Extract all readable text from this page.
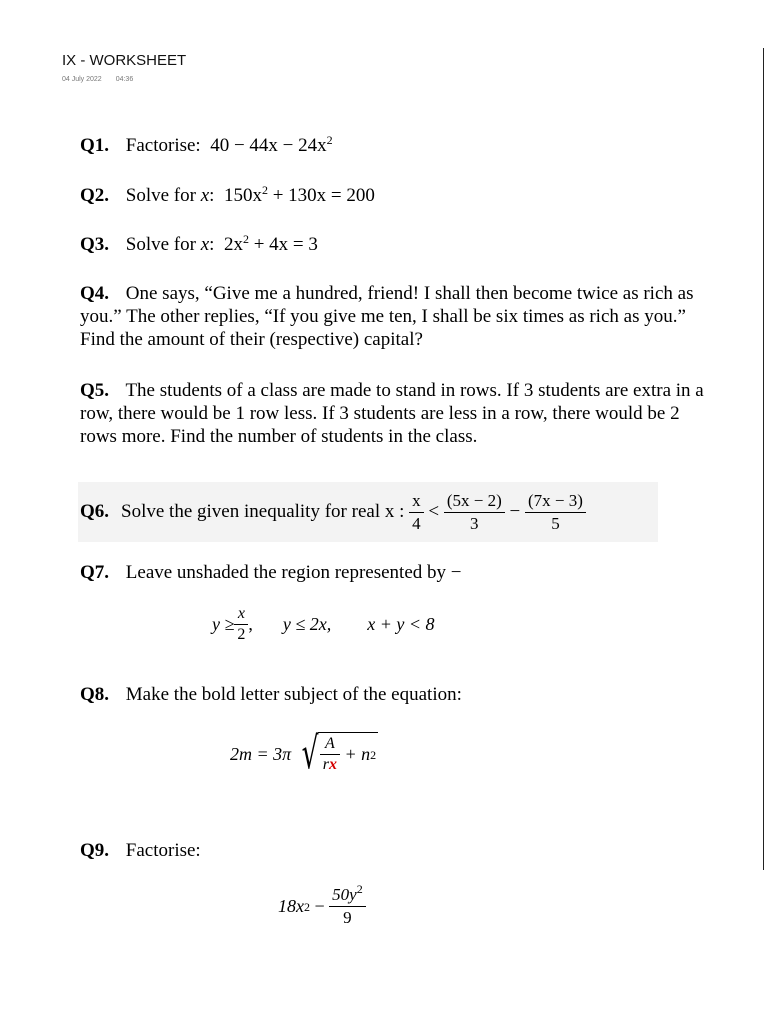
IX - WORKSHEET
04 July 2022 04:36
Q1. Factorise: $40 - 44x - 24x^2$
Q2. Solve for x: $150x^2 + 130x = 200$
Q3. Solve for x: $2x^2 + 4x = 3$
Q4. One says, “Give me a hundred, friend! I shall then become twice as rich as you.” The other replies, “If you give me ten, I shall be six times as rich as you.” Find the amount of their (respective) capital?
Q5. The students of a class are made to stand in rows. If 3 students are extra in a row, there would be 1 row less. If 3 students are less in a row, there would be 2 rows more. Find the number of students in the class.
Q6. Solve the given inequality for real x :
$\frac{x}{4}$
<
$\frac{(5x - 2)}{3}$
−
$\frac{(7x - 3)}{5}$
Q7. Leave unshaded the region represented by −
$y \ge \frac{x}{2}$ , y ≤ 2x, x + y < 8
Q8. Make the bold letter subject of the equation:
2m = 3π
√ $\frac{A}{rx}$
+ n 2
Q9. Factorise:
18x 2
−
$\frac{50y^2}{9}$
